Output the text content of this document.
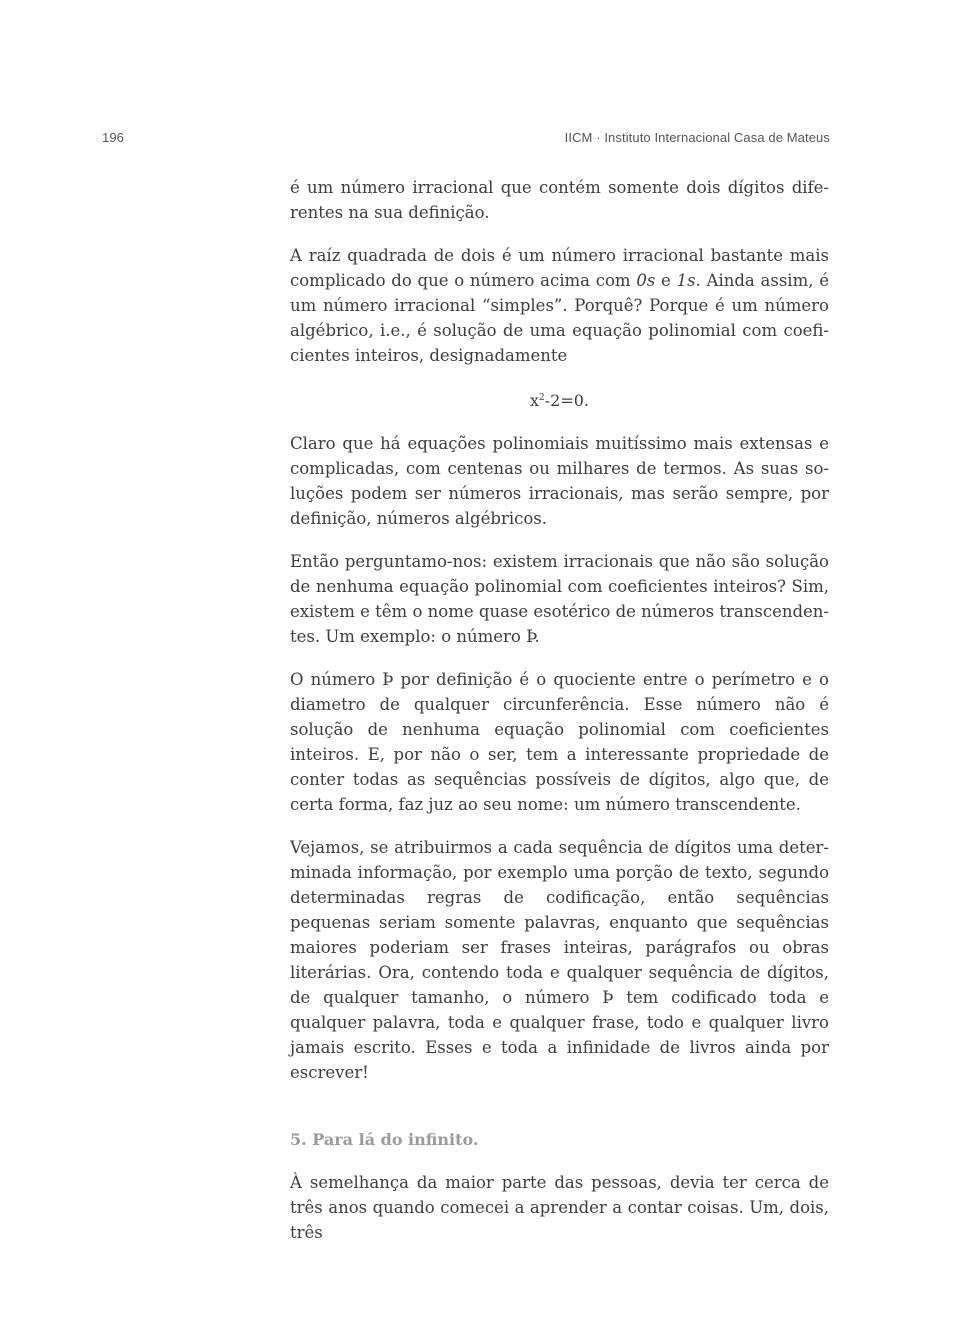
196	IICM · Instituto Internacional Casa de Mateus

é um número irracional que contém somente dois dígitos diferentes na sua definição.

A raíz quadrada de dois é um número irracional bastante mais complicado do que o número acima com 0s e 1s. Ainda assim, é um número irracional “simples”. Porquê? Porque é um número algébrico, i.e., é solução de uma equação polinomial com coeficientes inteiros, designadamente

$x^2-2=0$.

Claro que há equações polinomiais muitíssimo mais extensas e complicadas, com centenas ou milhares de termos. As suas soluções podem ser números irracionais, mas serão sempre, por definição, números algébricos.

Então perguntamo-nos: existem irracionais que não são solução de nenhuma equação polinomial com coeficientes inteiros? Sim, existem e têm o nome quase esotérico de números transcendentes. Um exemplo: o número Þ.

O número Þ por definição é o quociente entre o perímetro e o diametro de qualquer circunferência. Esse número não é solução de nenhuma equação polinomial com coeficientes inteiros. E, por não o ser, tem a interessante propriedade de conter todas as sequências possíveis de dígitos, algo que, de certa forma, faz juz ao seu nome: um número transcendente.

Vejamos, se atribuirmos a cada sequência de dígitos uma determinada informação, por exemplo uma porção de texto, segundo determinadas regras de codificação, então sequências pequenas seriam somente palavras, enquanto que sequências maiores poderiam ser frases inteiras, parágrafos ou obras literárias. Ora, contendo toda e qualquer sequência de dígitos, de qualquer tamanho, o número Þ tem codificado toda e qualquer palavra, toda e qualquer frase, todo e qualquer livro jamais escrito. Esses e toda a infinidade de livros ainda por escrever!

5. Para lá do infinito.

À semelhança da maior parte das pessoas, devia ter cerca de três anos quando comecei a aprender a contar coisas. Um, dois, três
